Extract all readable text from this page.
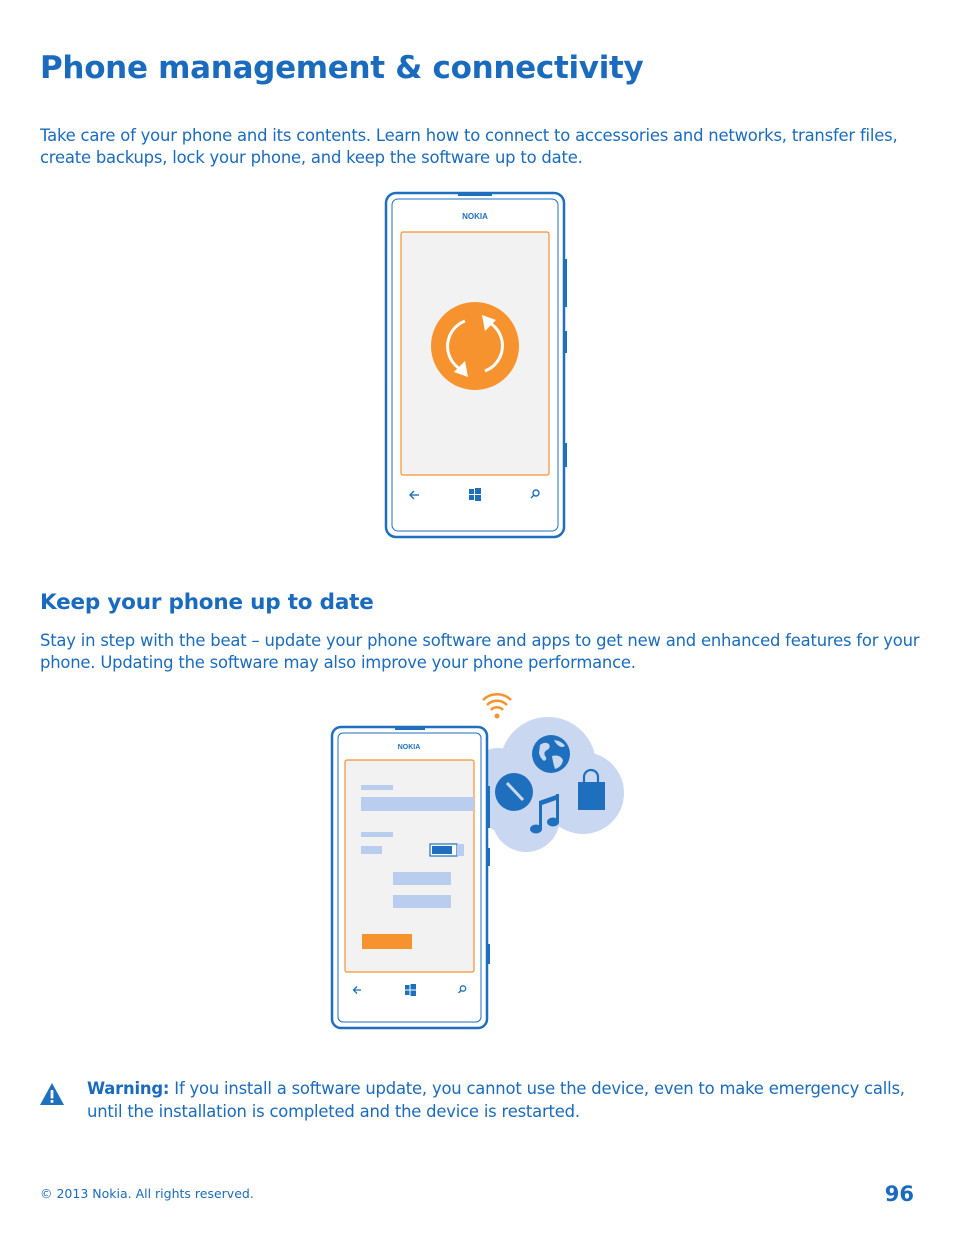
Phone management & connectivity

Take care of your phone and its contents. Learn how to connect to accessories and networks, transfer files, create backups, lock your phone, and keep the software up to date.

NOKIA
Keep your phone up to date

Stay in step with the beat – update your phone software and apps to get new and enhanced features for your phone. Updating the software may also improve your phone performance.

NOKIA

Warning: If you install a software update, you cannot use the device, even to make emergency calls, until the installation is completed and the device is restarted.

© 2013 Nokia. All rights reserved.	96
